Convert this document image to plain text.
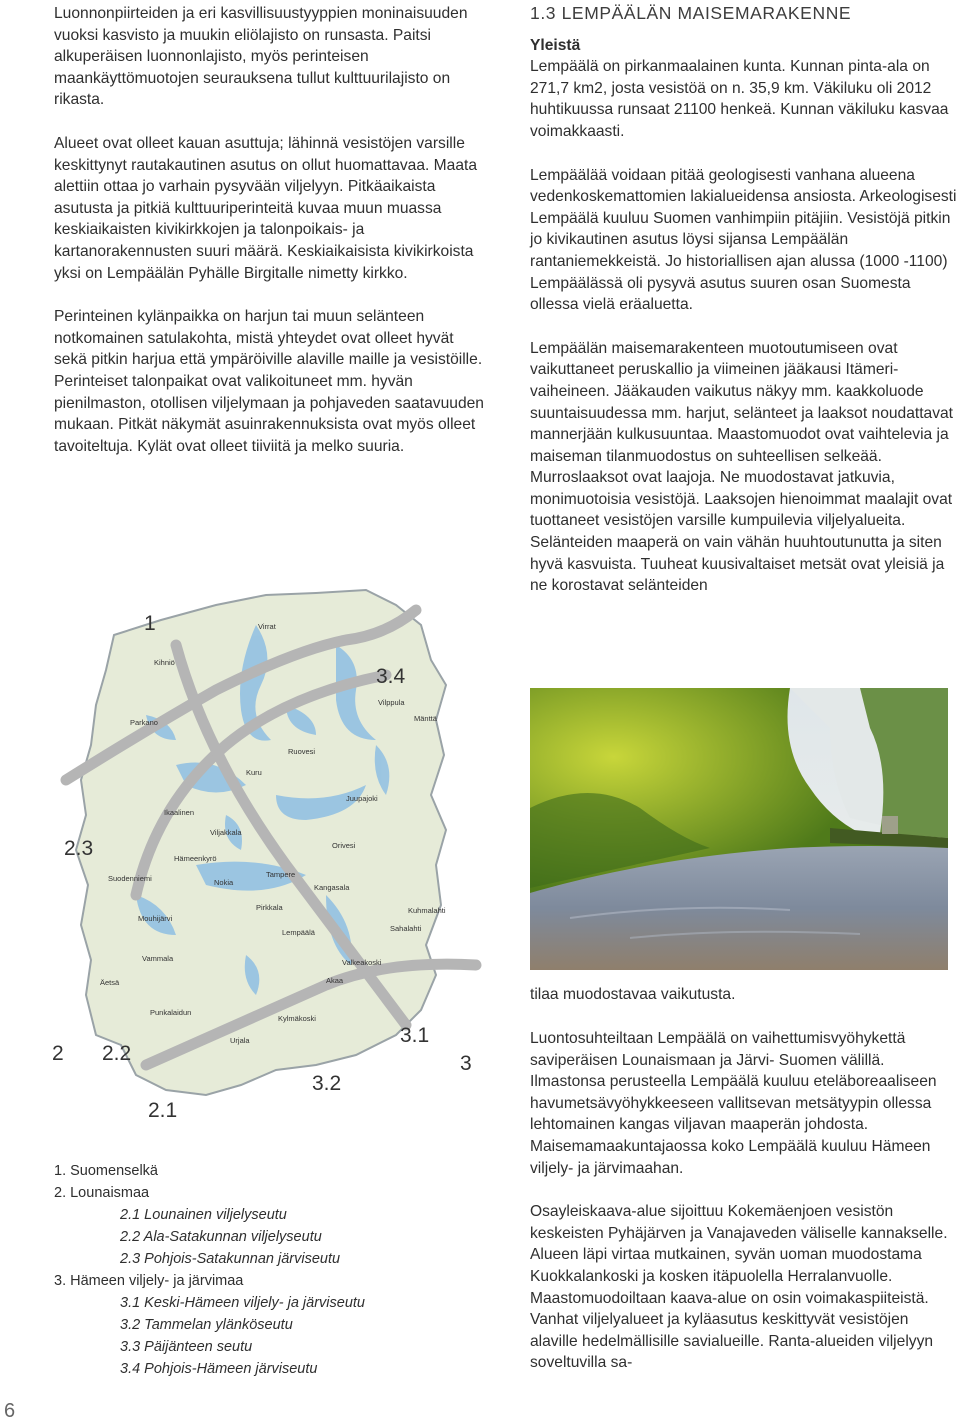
Luonnonpiirteiden ja eri kasvillisuustyyppien moninaisuuden vuoksi kasvisto ja muukin eliölajisto on runsasta. Paitsi alkuperäisen luonnonlajisto, myös perinteisen maankäyttömuotojen seurauksena tullut kulttuurilajisto on rikasta.

Alueet ovat olleet kauan asuttuja; lähinnä vesistöjen varsille keskittynyt rautakautinen asutus on ollut huomattavaa. Maata alettiin ottaa jo varhain pysyvään viljelyyn. Pitkäaikaista asutusta ja pitkiä kulttuuriperinteitä kuvaa muun muassa keskiaikaisten kivikirkkojen ja talonpoikais- ja kartanorakennusten suuri määrä. Keskiaikaisista kivikirkoista yksi on Lempäälän Pyhälle Birgitalle nimetty kirkko.

Perinteinen kylänpaikka on harjun tai muun selänteen notkomainen satulakohta, mistä yhteydet ovat olleet hyvät sekä pitkin harjua että ympäröiville alaville maille ja vesistöille. Perinteiset talonpaikat ovat valikoituneet mm. hyvän pienilmaston, otollisen viljelymaan ja pohjaveden saatavuuden mukaan. Pitkät näkymät asuinrakennuksista ovat myös olleet tavoiteltuja. Kylät ovat olleet tiiviitä ja melko suuria.

1.3 LEMPÄÄLÄN MAISEMARAKENNE

Yleistä

Lempäälä on pirkanmaalainen kunta. Kunnan pinta-ala on 271,7 km2, josta vesistöä on n. 35,9 km. Väkiluku oli 2012 huhtikuussa runsaat 21100 henkeä. Kunnan väkiluku kasvaa voimakkaasti.

Lempäälää voidaan pitää geologisesti vanhana alueena vedenkoskemattomien lakialueidensa ansiosta. Arkeologisesti Lempäälä kuuluu Suomen vanhimpiin pitäjiin. Vesistöjä pitkin jo kivikautinen asutus löysi sijansa Lempäälän rantaniemekkeistä. Jo historiallisen ajan alussa (1000 -1100) Lempäälässä oli pysyvä asutus suuren osan Suomesta ollessa vielä eräaluetta.

Lempäälän maisemarakenteen muotoutumiseen ovat vaikuttaneet peruskallio ja viimeinen jääkausi Itämeri-vaiheineen. Jääkauden vaikutus näkyy mm. kaakkoluode suuntaisuudessa mm. harjut, selänteet ja laaksot noudattavat mannerjään kulkusuuntaa. Maastomuodot ovat vaihtelevia ja maiseman tilanmuodostus on suhteellisen selkeää. Murroslaaksot ovat laajoja. Ne muodostavat jatkuvia, monimuotoisia vesistöjä. Laaksojen hienoimmat maalajit ovat tuottaneet vesistöjen varsille kumpuilevia viljelyalueita. Selänteiden maaperä on vain vähän huuhtoutunutta ja siten hyvä kasvuista. Tuuheat kuusivaltaiset metsät ovat yleisiä ja ne korostavat selänteiden

1
3.4
2.3
2 2.2
3.1
3
3.2
2.1
Virrat
Mänttä
Parkano
Ruovesi
Orivesi
Vilppula
Kuru
Kihniö
Ikaalinen
Viljakkala
Hämeenkyrö
Tampere
Nokia
Kangasala
Pirkkala
Lempäälä
Akaa
Valkeakoski
Urjala
Kylmäkoski
Punkalaidun
Vammala
Äetsä
Mouhijärvi
Suodenniemi
Kuhmalahti
Sahalahti
Juupajoki
tilaa muodostavaa vaikutusta.

Luontosuhteiltaan Lempäälä on vaihettumisvyöhykettä saviperäisen Lounaismaan ja Järvi- Suomen välillä. Ilmastonsa perusteella Lempäälä kuuluu eteläboreaaliseen havumetsävyöhykkeeseen vallitsevan metsätyypin ollessa lehtomainen kangas viljavan maaperän johdosta. Maisemamaakuntajaossa koko Lempäälä kuuluu Hämeen viljely- ja järvimaahan.

Osayleiskaava-alue sijoittuu Kokemäenjoen vesistön keskeisten Pyhäjärven ja Vanajaveden väliselle kannakselle. Alueen läpi virtaa mutkainen, syvän uoman muodostama Kuokkalankoski ja kosken itäpuolella Herralanvuolle. Maastomuodoiltaan kaava-alue on osin voimakaspiiteistä. Vanhat viljelyalueet ja kyläasutus keskittyvät vesistöjen alaville hedelmällisille savialueille. Ranta-alueiden viljelyyn soveltuvilla sa-

1. Suomenselkä
2. Lounaismaa
2.1 Lounainen viljelyseutu
2.2 Ala-Satakunnan viljelyseutu
2.3 Pohjois-Satakunnan järviseutu
3. Hämeen viljely- ja järvimaa
3.1 Keski-Hämeen viljely- ja järviseutu
3.2 Tammelan ylänköseutu
3.3 Päijänteen seutu
3.4 Pohjois-Hämeen järviseutu
6
